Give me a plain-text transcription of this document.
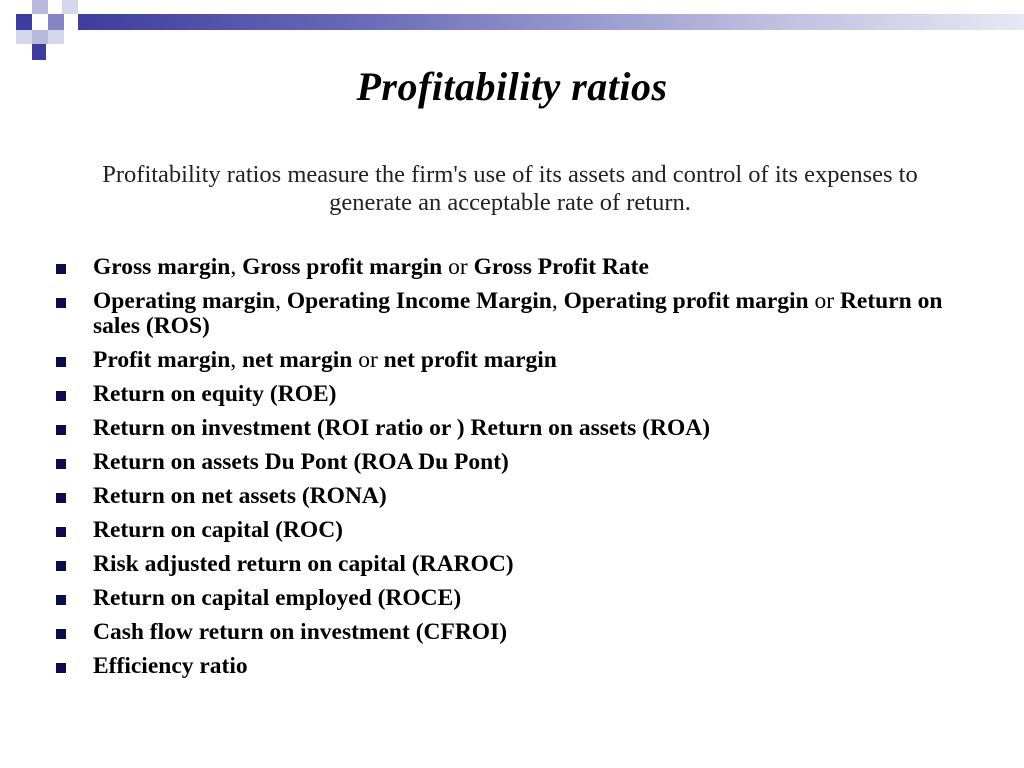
Profitability ratios
Profitability ratios measure the firm's use of its assets and control of its expenses to generate an acceptable rate of return.
Gross margin, Gross profit margin or Gross Profit Rate
Operating margin, Operating Income Margin, Operating profit margin or Return on sales (ROS)
Profit margin, net margin or net profit margin
Return on equity (ROE)
Return on investment (ROI ratio or ) Return on assets (ROA)
Return on assets Du Pont (ROA Du Pont)
Return on net assets (RONA)
Return on capital (ROC)
Risk adjusted return on capital (RAROC)
Return on capital employed (ROCE)
Cash flow return on investment (CFROI)
Efficiency ratio
